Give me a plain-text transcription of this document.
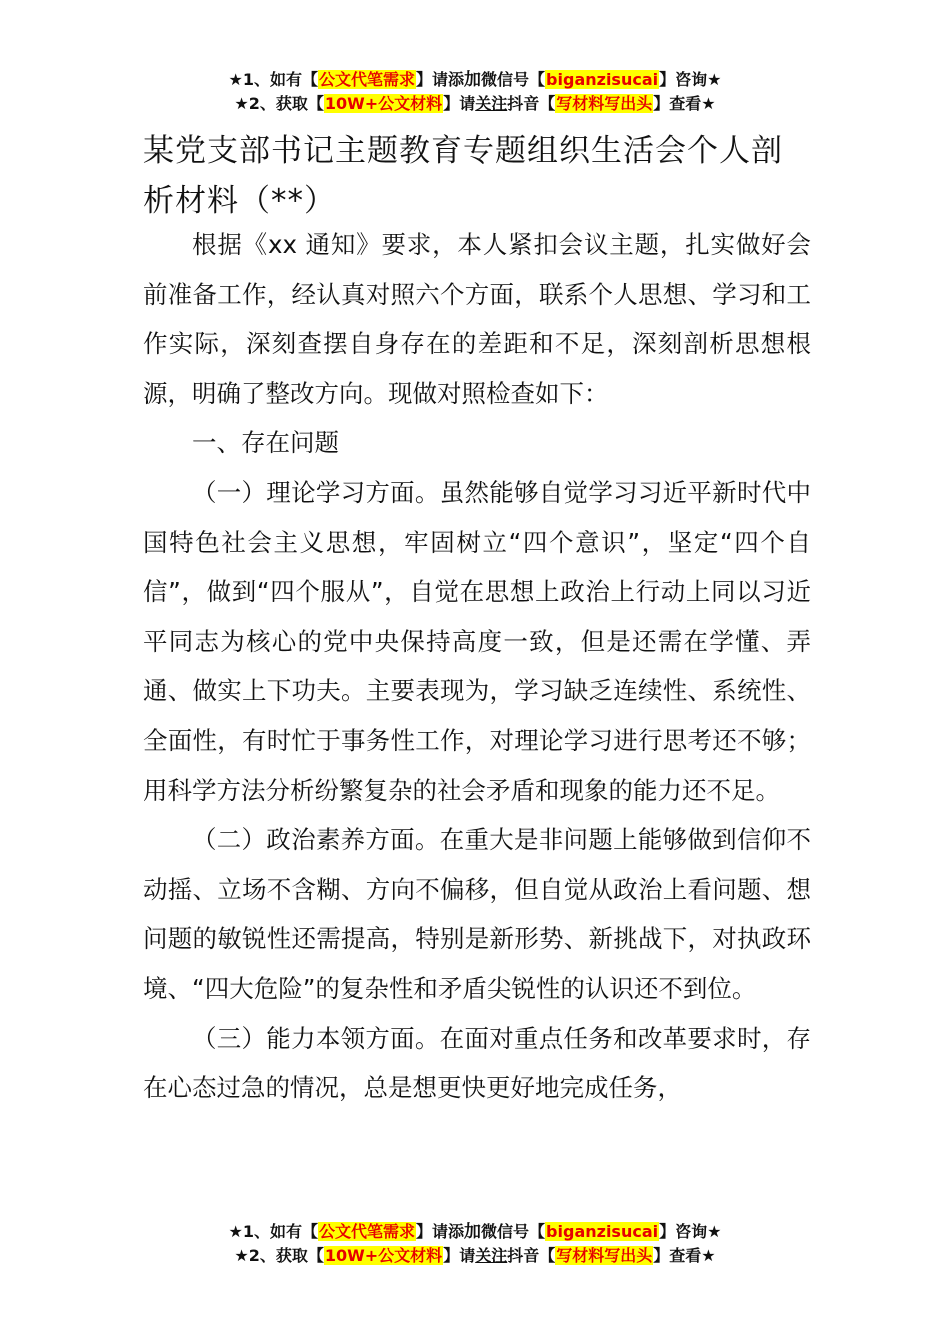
★1、如有【公文代笔需求】请添加微信号【biganzisucai】咨询★
★2、获取【10W+公文材料】请关注抖音【写材料写出头】查看★
某党支部书记主题教育专题组织生活会个人剖析材料（**）

根据《xx 通知》要求，本人紧扣会议主题，扎实做好会前准备工作，经认真对照六个方面，联系个人思想、学习和工作实际，深刻查摆自身存在的差距和不足，深刻剖析思想根源，明确了整改方向。现做对照检查如下：

一、存在问题

（一）理论学习方面。虽然能够自觉学习习近平新时代中国特色社会主义思想，牢固树立“四个意识”，坚定“四个自信”，做到“四个服从”，自觉在思想上政治上行动上同以习近平同志为核心的党中央保持高度一致，但是还需在学懂、弄通、做实上下功夫。主要表现为，学习缺乏连续性、系统性、全面性，有时忙于事务性工作，对理论学习进行思考还不够；用科学方法分析纷繁复杂的社会矛盾和现象的能力还不足。

（二）政治素养方面。在重大是非问题上能够做到信仰不动摇、立场不含糊、方向不偏移，但自觉从政治上看问题、想问题的敏锐性还需提高，特别是新形势、新挑战下，对执政环境、“四大危险”的复杂性和矛盾尖锐性的认识还不到位。

（三）能力本领方面。在面对重点任务和改革要求时，存在心态过急的情况，总是想更快更好地完成任务，

★1、如有【公文代笔需求】请添加微信号【biganzisucai】咨询★
★2、获取【10W+公文材料】请关注抖音【写材料写出头】查看★
